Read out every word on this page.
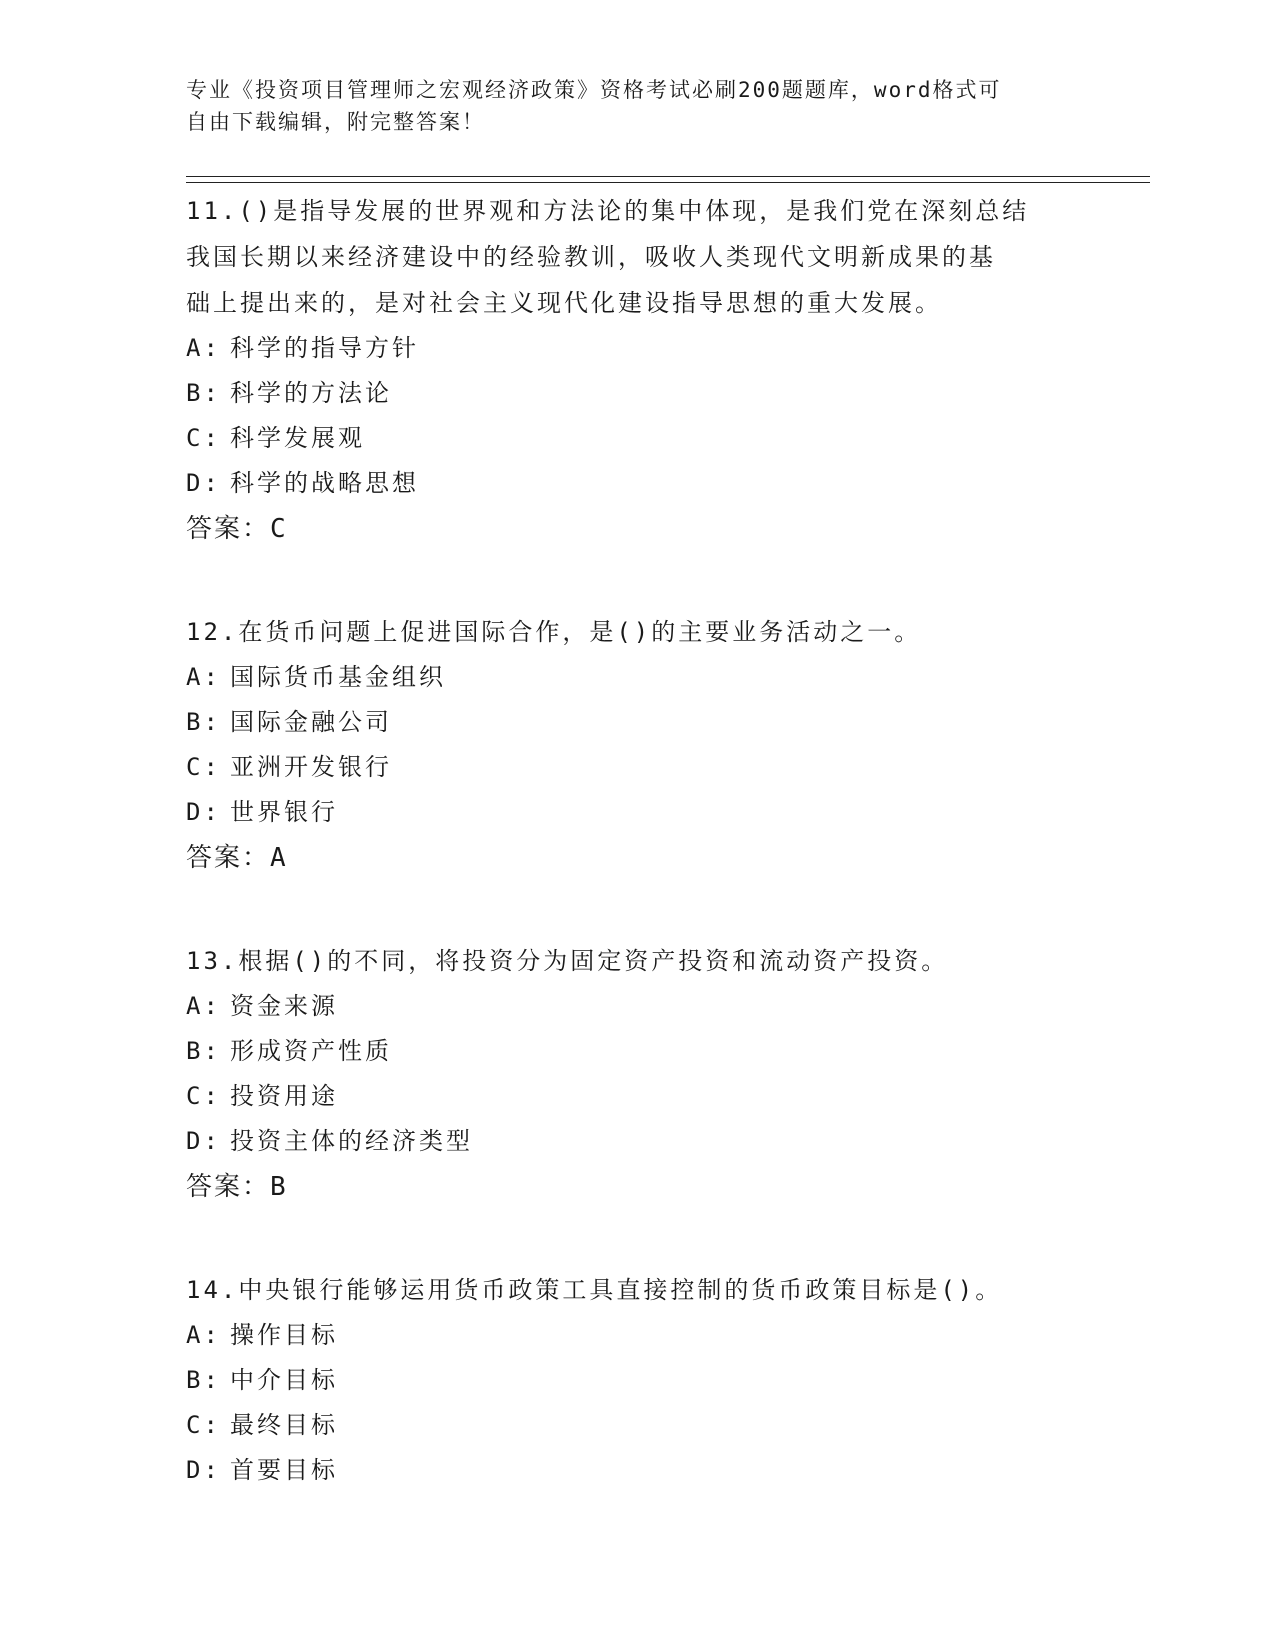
专业《投资项目管理师之宏观经济政策》资格考试必刷200题题库，word格式可
自由下载编辑，附完整答案！
11.()是指导发展的世界观和方法论的集中体现，是我们党在深刻总结
我国长期以来经济建设中的经验教训，吸收人类现代文明新成果的基
础上提出来的，是对社会主义现代化建设指导思想的重大发展。
A: 科学的指导方针
B: 科学的方法论
C: 科学发展观
D: 科学的战略思想
答案：C
12.在货币问题上促进国际合作，是()的主要业务活动之一。
A: 国际货币基金组织
B: 国际金融公司
C: 亚洲开发银行
D: 世界银行
答案：A
13.根据()的不同，将投资分为固定资产投资和流动资产投资。
A: 资金来源
B: 形成资产性质
C: 投资用途
D: 投资主体的经济类型
答案：B
14.中央银行能够运用货币政策工具直接控制的货币政策目标是()。
A: 操作目标
B: 中介目标
C: 最终目标
D: 首要目标
